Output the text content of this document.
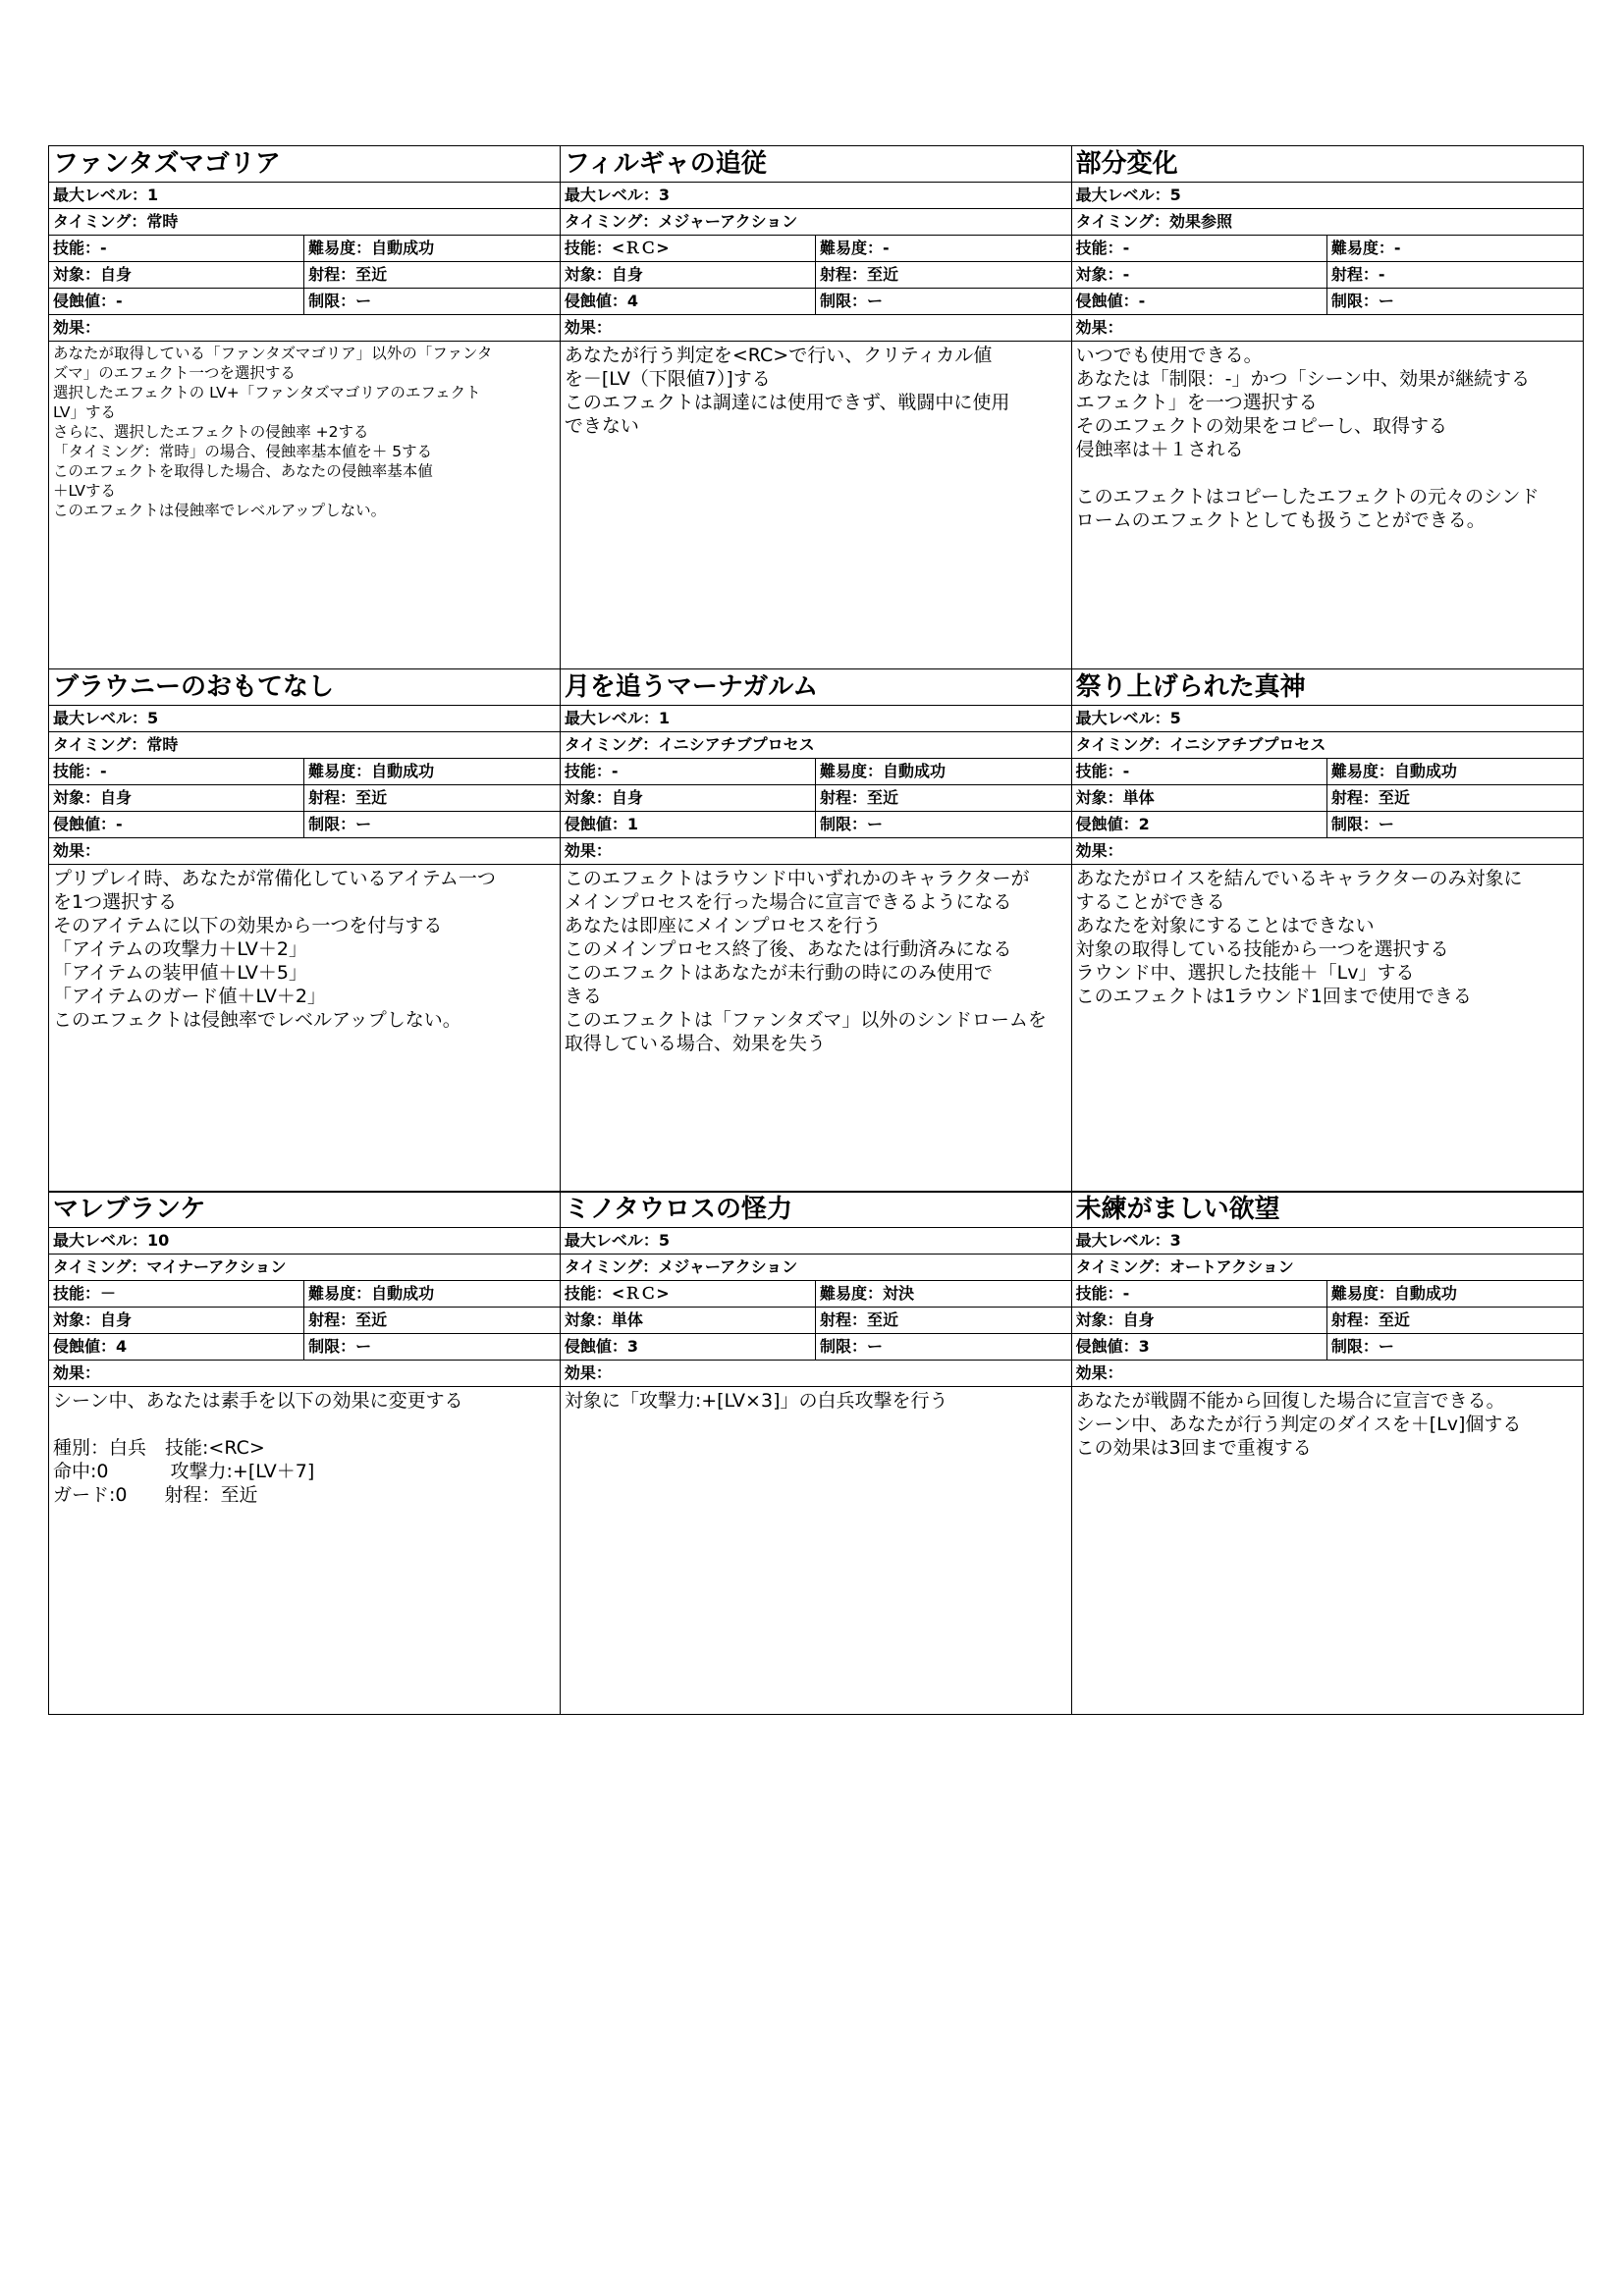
ファンタズマゴリア
最大レベル：1
タイミング：常時
技能：-	難易度：自動成功
対象：自身	射程：至近
侵蝕値：-	制限：ー
効果：
あなたが取得している「ファンタズマゴリア」以外の「ファンタ
ズマ」のエフェクト一つを選択する
選択したエフェクトの LV+「ファンタズマゴリアのエフェクト
LV」する
さらに、選択したエフェクトの侵蝕率 +2する
「タイミング：常時」の場合、侵蝕率基本値を＋ 5する
このエフェクトを取得した場合、あなたの侵蝕率基本値
＋LVする
このエフェクトは侵蝕率でレベルアップしない。
フィルギャの追従
最大レベル：3
タイミング：メジャーアクション
技能：<ＲＣ>	難易度：-
対象：自身	射程：至近
侵蝕値：4	制限：ー
効果：
あなたが行う判定を<RC>で行い、クリティカル値
を－[LV（下限値7）]する
このエフェクトは調達には使用できず、戦闘中に使用
できない
部分変化
最大レベル：5
タイミング：効果参照
技能：-	難易度：-
対象：-	射程：-
侵蝕値：-	制限：ー
効果：
いつでも使用できる。
あなたは「制限：-」かつ「シーン中、効果が継続する
エフェクト」を一つ選択する
そのエフェクトの効果をコピーし、取得する
侵蝕率は＋１される
このエフェクトはコピーしたエフェクトの元々のシンド
ロームのエフェクトとしても扱うことができる。
ブラウニーのおもてなし
最大レベル：5
タイミング：常時
技能：-	難易度：自動成功
対象：自身	射程：至近
侵蝕値：-	制限：ー
効果：
プリプレイ時、あなたが常備化しているアイテム一つ
を1つ選択する
そのアイテムに以下の効果から一つを付与する
「アイテムの攻撃力＋LV＋2」
「アイテムの装甲値＋LV＋5」
「アイテムのガード値＋LV＋2」
このエフェクトは侵蝕率でレベルアップしない。
月を追うマーナガルム
最大レベル：1
タイミング：イニシアチブプロセス
技能：-	難易度：自動成功
対象：自身	射程：至近
侵蝕値：1	制限：ー
効果：
このエフェクトはラウンド中いずれかのキャラクターが
メインプロセスを行った場合に宣言できるようになる
あなたは即座にメインプロセスを行う
このメインプロセス終了後、あなたは行動済みになる
このエフェクトはあなたが未行動の時にのみ使用で
きる
このエフェクトは「ファンタズマ」以外のシンドロームを
取得している場合、効果を失う
祭り上げられた真神
最大レベル：5
タイミング：イニシアチブプロセス
技能：-	難易度：自動成功
対象：単体	射程：至近
侵蝕値：2	制限：ー
効果：
あなたがロイスを結んでいるキャラクターのみ対象に
することができる
あなたを対象にすることはできない
対象の取得している技能から一つを選択する
ラウンド中、選択した技能＋「Lv」する
このエフェクトは1ラウンド1回まで使用できる
マレブランケ
最大レベル：10
タイミング：マイナーアクション
技能：－	難易度：自動成功
対象：自身	射程：至近
侵蝕値：4	制限：ー
効果：
シーン中、あなたは素手を以下の効果に変更する
種別：白兵　技能:<RC>
命中:0　　　 攻撃力:+[LV＋7]
ガード:0　　射程：至近
ミノタウロスの怪力
最大レベル：5
タイミング：メジャーアクション
技能：<ＲＣ>	難易度：対決
対象：単体	射程：至近
侵蝕値：3	制限：ー
効果：
対象に「攻撃力:+[LV×3]」の白兵攻撃を行う
未練がましい欲望
最大レベル：3
タイミング：オートアクション
技能：-	難易度：自動成功
対象：自身	射程：至近
侵蝕値：3	制限：ー
効果：
あなたが戦闘不能から回復した場合に宣言できる。
シーン中、あなたが行う判定のダイスを＋[Lv]個する
この効果は3回まで重複する
